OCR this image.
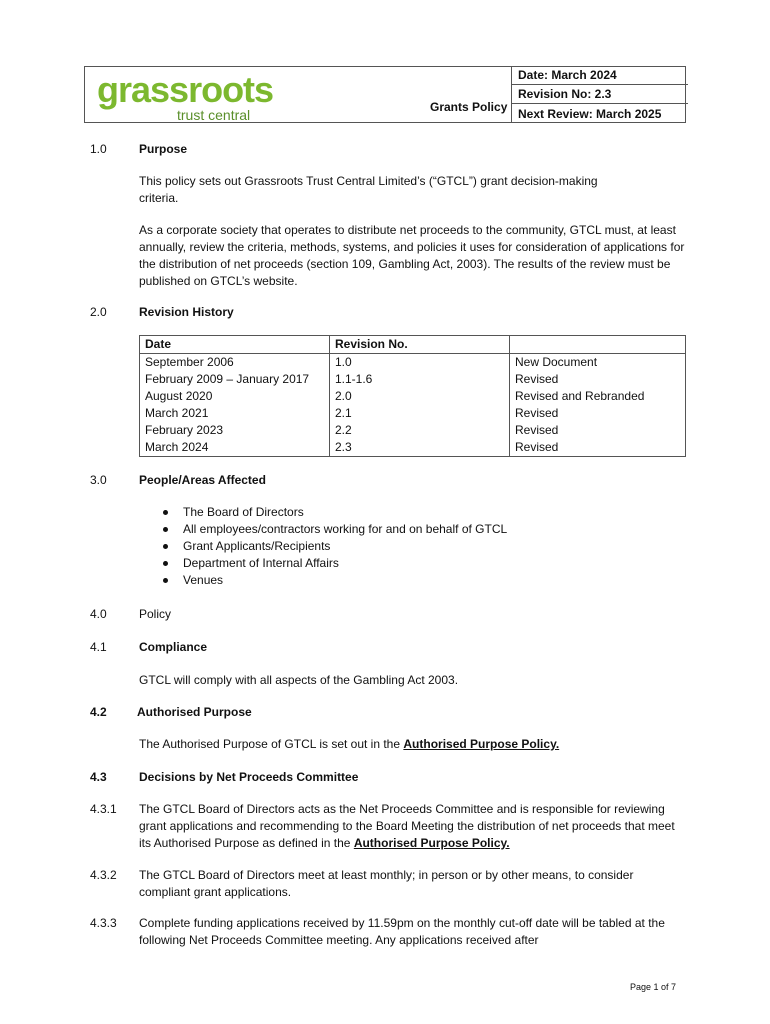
grassroots
trust central	Grants Policy
Date: March 2024
Revision No: 2.3
Next Review: March 2025
1.0	Purpose
This policy sets out Grassroots Trust Central Limited’s (“GTCL”) grant decision-making criteria.
As a corporate society that operates to distribute net proceeds to the community, GTCL must, at least annually, review the criteria, methods, systems, and policies it uses for consideration of applications for the distribution of net proceeds (section 109, Gambling Act, 2003). The results of the review must be published on GTCL’s website.
2.0	Revision History
Date	Revision No.	
September 2006	1.0	New Document
February 2009 – January 2017	1.1-1.6	Revised
August 2020	2.0	Revised and Rebranded
March 2021	2.1	Revised
February 2023	2.2	Revised
March 2024	2.3	Revised
3.0	People/Areas Affected
The Board of Directors
All employees/contractors working for and on behalf of GTCL
Grant Applicants/Recipients
Department of Internal Affairs
Venues
4.0	Policy
4.1	Compliance
GTCL will comply with all aspects of the Gambling Act 2003.
4.2	Authorised Purpose
The Authorised Purpose of GTCL is set out in the Authorised Purpose Policy.
4.3	Decisions by Net Proceeds Committee
4.3.1 The GTCL Board of Directors acts as the Net Proceeds Committee and is responsible for reviewing grant applications and recommending to the Board Meeting the distribution of net proceeds that meet its Authorised Purpose as defined in the Authorised Purpose Policy.
4.3.2 The GTCL Board of Directors meet at least monthly; in person or by other means, to consider compliant grant applications.
4.3.3 Complete funding applications received by 11.59pm on the monthly cut-off date will be tabled at the following Net Proceeds Committee meeting. Any applications received after
Page 1 of 7
